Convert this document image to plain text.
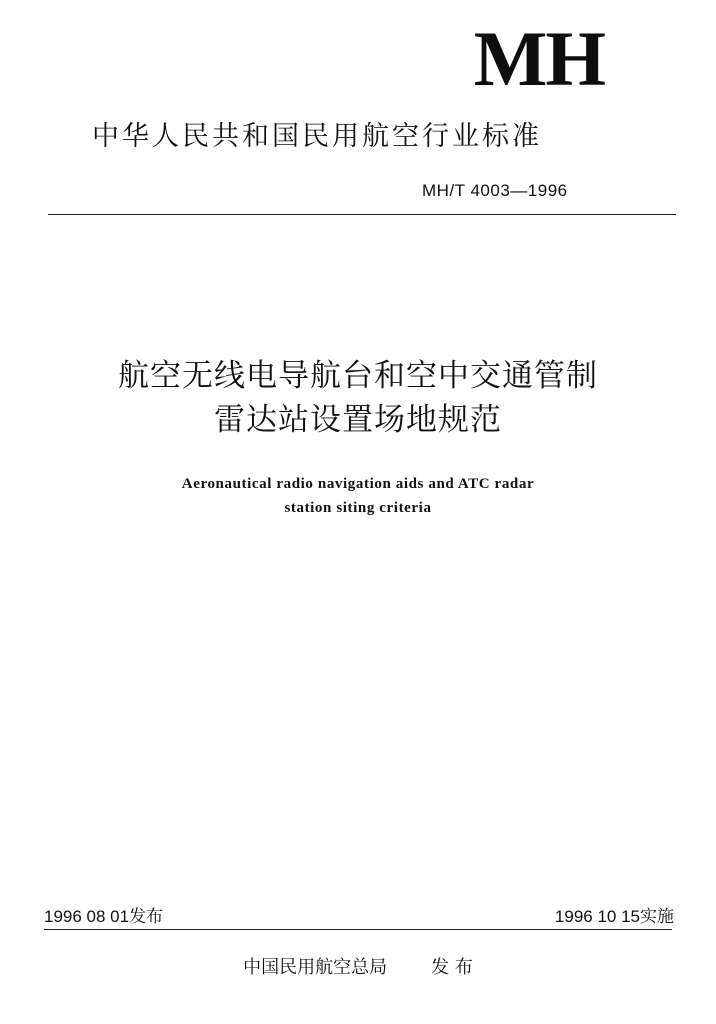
MH
中华人民共和国民用航空行业标准
MH/T 4003—1996
航空无线电导航台和空中交通管制
雷达站设置场地规范
Aeronautical radio navigation aids and ATC radar
station siting criteria
1996 08 01发布	1996 10 15实施
中国民用航空总局 发 布
